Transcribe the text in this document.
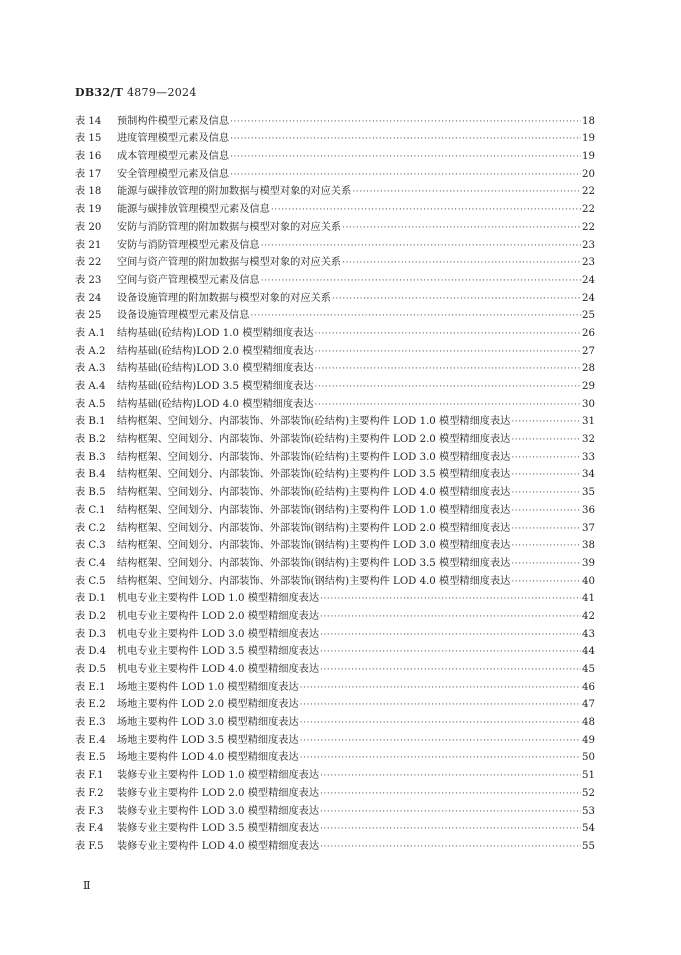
DB32/T 4879—2024
表 14	预制构件模型元素及信息 ·····	18
表 15	进度管理模型元素及信息 ·····	19
表 16	成本管理模型元素及信息 ·····	19
表 17	安全管理模型元素及信息 ·····	20
表 18	能源与碳排放管理的附加数据与模型对象的对应关系 ·····	22
表 19	能源与碳排放管理模型元素及信息 ·····	22
表 20	安防与消防管理的附加数据与模型对象的对应关系 ·····	22
表 21	安防与消防管理模型元素及信息 ·····	23
表 22	空间与资产管理的附加数据与模型对象的对应关系 ·····	23
表 23	空间与资产管理模型元素及信息 ·····	24
表 24	设备设施管理的附加数据与模型对象的对应关系 ·····	24
表 25	设备设施管理模型元素及信息 ·····	25
表 A.1	结构基础(砼结构)LOD 1.0 模型精细度表达 ·····	26
表 A.2	结构基础(砼结构)LOD 2.0 模型精细度表达 ·····	27
表 A.3	结构基础(砼结构)LOD 3.0 模型精细度表达 ·····	28
表 A.4	结构基础(砼结构)LOD 3.5 模型精细度表达 ·····	29
表 A.5	结构基础(砼结构)LOD 4.0 模型精细度表达 ·····	30
表 B.1	结构框架、空间划分、内部装饰、外部装饰(砼结构)主要构件 LOD 1.0 模型精细度表达 ·····	31
表 B.2	结构框架、空间划分、内部装饰、外部装饰(砼结构)主要构件 LOD 2.0 模型精细度表达 ·····	32
表 B.3	结构框架、空间划分、内部装饰、外部装饰(砼结构)主要构件 LOD 3.0 模型精细度表达 ·····	33
表 B.4	结构框架、空间划分、内部装饰、外部装饰(砼结构)主要构件 LOD 3.5 模型精细度表达 ·····	34
表 B.5	结构框架、空间划分、内部装饰、外部装饰(砼结构)主要构件 LOD 4.0 模型精细度表达 ·····	35
表 C.1	结构框架、空间划分、内部装饰、外部装饰(钢结构)主要构件 LOD 1.0 模型精细度表达 ·····	36
表 C.2	结构框架、空间划分、内部装饰、外部装饰(钢结构)主要构件 LOD 2.0 模型精细度表达 ·····	37
表 C.3	结构框架、空间划分、内部装饰、外部装饰(钢结构)主要构件 LOD 3.0 模型精细度表达 ·····	38
表 C.4	结构框架、空间划分、内部装饰、外部装饰(钢结构)主要构件 LOD 3.5 模型精细度表达 ·····	39
表 C.5	结构框架、空间划分、内部装饰、外部装饰(钢结构)主要构件 LOD 4.0 模型精细度表达 ·····	40
表 D.1	机电专业主要构件 LOD 1.0 模型精细度表达 ·····	41
表 D.2	机电专业主要构件 LOD 2.0 模型精细度表达 ·····	42
表 D.3	机电专业主要构件 LOD 3.0 模型精细度表达 ·····	43
表 D.4	机电专业主要构件 LOD 3.5 模型精细度表达 ·····	44
表 D.5	机电专业主要构件 LOD 4.0 模型精细度表达 ·····	45
表 E.1	场地主要构件 LOD 1.0 模型精细度表达 ·····	46
表 E.2	场地主要构件 LOD 2.0 模型精细度表达 ·····	47
表 E.3	场地主要构件 LOD 3.0 模型精细度表达 ·····	48
表 E.4	场地主要构件 LOD 3.5 模型精细度表达 ·····	49
表 E.5	场地主要构件 LOD 4.0 模型精细度表达 ·····	50
表 F.1	装修专业主要构件 LOD 1.0 模型精细度表达 ·····	51
表 F.2	装修专业主要构件 LOD 2.0 模型精细度表达 ·····	52
表 F.3	装修专业主要构件 LOD 3.0 模型精细度表达 ·····	53
表 F.4	装修专业主要构件 LOD 3.5 模型精细度表达 ·····	54
表 F.5	装修专业主要构件 LOD 4.0 模型精细度表达 ·····	55
Ⅱ
